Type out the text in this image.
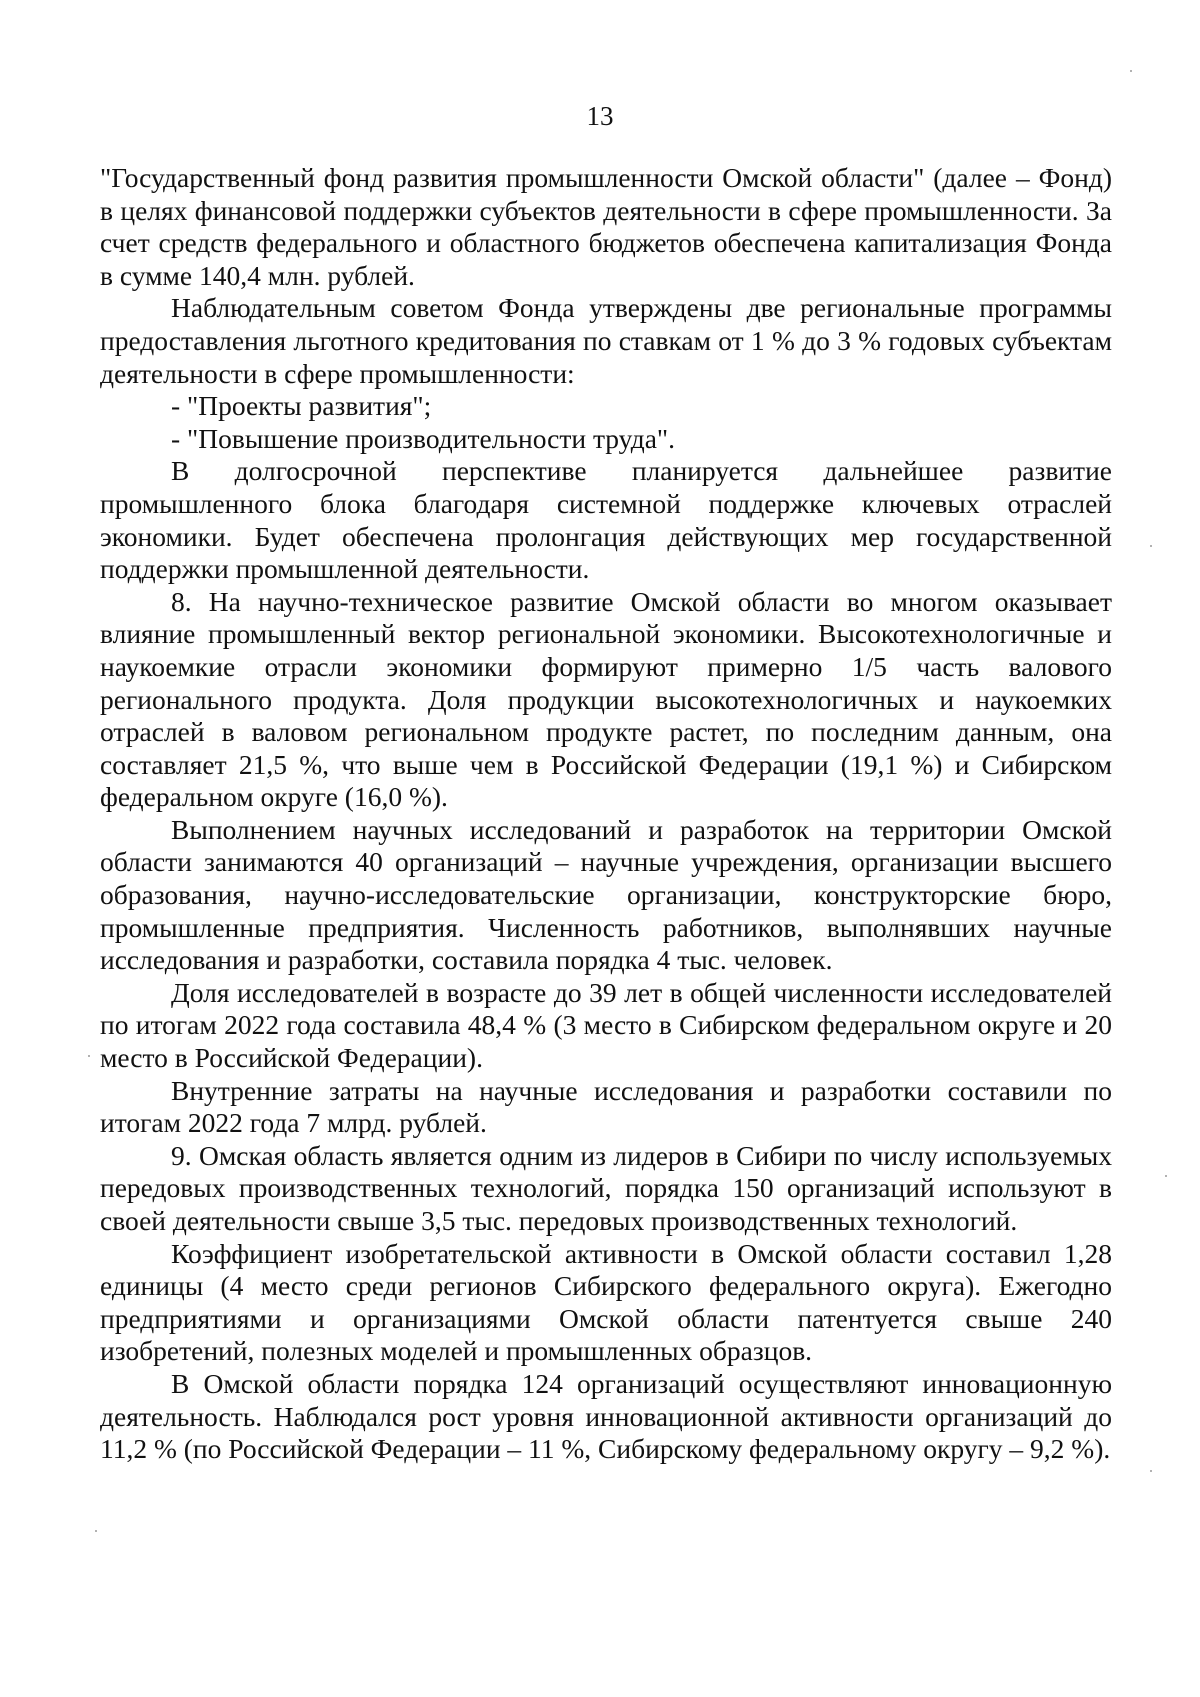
13

"Государственный фонд развития промышленности Омской области" (далее – Фонд) в целях финансовой поддержки субъектов деятельности в сфере промышленности. За счет средств федерального и областного бюджетов обеспечена капитализация Фонда в сумме 140,4 млн. рублей.

Наблюдательным советом Фонда утверждены две региональные программы предоставления льготного кредитования по ставкам от 1 % до 3 % годовых субъектам деятельности в сфере промышленности:

- "Проекты развития";

- "Повышение производительности труда".

В долгосрочной перспективе планируется дальнейшее развитие промышленного блока благодаря системной поддержке ключевых отраслей экономики. Будет обеспечена пролонгация действующих мер государственной поддержки промышленной деятельности.

8. На научно-техническое развитие Омской области во многом оказывает влияние промышленный вектор региональной экономики. Высокотехнологичные и наукоемкие отрасли экономики формируют примерно 1/5 часть валового регионального продукта. Доля продукции высокотехнологичных и наукоемких отраслей в валовом региональном продукте растет, по последним данным, она составляет 21,5 %, что выше чем в Российской Федерации (19,1 %) и Сибирском федеральном округе (16,0 %).

Выполнением научных исследований и разработок на территории Омской области занимаются 40 организаций – научные учреждения, организации высшего образования, научно-исследовательские организации, конструкторские бюро, промышленные предприятия. Численность работников, выполнявших научные исследования и разработки, составила порядка 4 тыс. человек.

Доля исследователей в возрасте до 39 лет в общей численности исследователей по итогам 2022 года составила 48,4 % (3 место в Сибирском федеральном округе и 20 место в Российской Федерации).

Внутренние затраты на научные исследования и разработки составили по итогам 2022 года 7 млрд. рублей.

9. Омская область является одним из лидеров в Сибири по числу используемых передовых производственных технологий, порядка 150 организаций используют в своей деятельности свыше 3,5 тыс. передовых производственных технологий.

Коэффициент изобретательской активности в Омской области составил 1,28 единицы (4 место среди регионов Сибирского федерального округа). Ежегодно предприятиями и организациями Омской области патентуется свыше 240 изобретений, полезных моделей и промышленных образцов.

В Омской области порядка 124 организаций осуществляют инновационную деятельность. Наблюдался рост уровня инновационной активности организаций до 11,2 % (по Российской Федерации – 11 %, Сибирскому федеральному округу – 9,2 %).
